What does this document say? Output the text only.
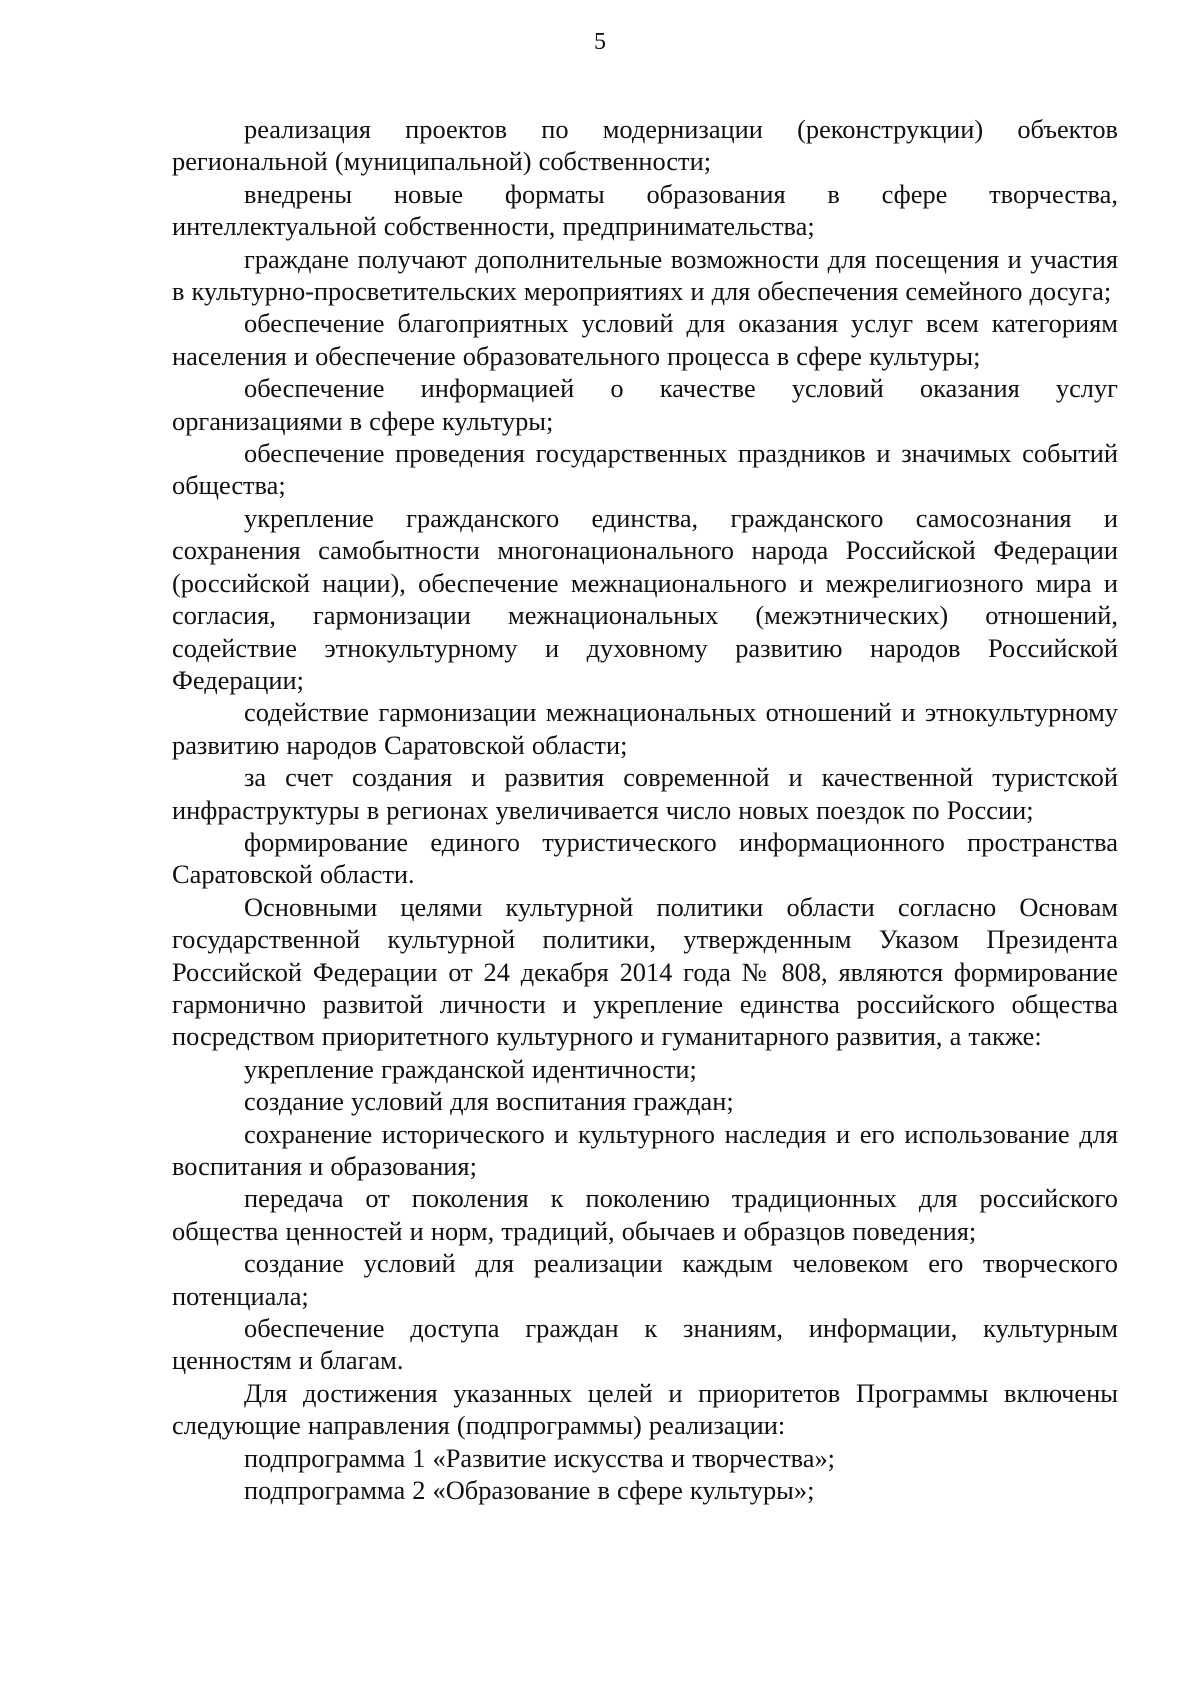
5

реализация проектов по модернизации (реконструкции) объектов региональной (муниципальной) собственности;

внедрены новые форматы образования в сфере творчества, интеллектуальной собственности, предпринимательства;

граждане получают дополнительные возможности для посещения и участия в культурно-просветительских мероприятиях и для обеспечения семейного досуга;

обеспечение благоприятных условий для оказания услуг всем категориям населения и обеспечение образовательного процесса в сфере культуры;

обеспечение информацией о качестве условий оказания услуг организациями в сфере культуры;

обеспечение проведения государственных праздников и значимых событий общества;

укрепление гражданского единства, гражданского самосознания и сохранения самобытности многонационального народа Российской Федерации (российской нации), обеспечение межнационального и межрелигиозного мира и согласия, гармонизации межнациональных (межэтнических) отношений, содействие этнокультурному и духовному развитию народов Российской Федерации;

содействие гармонизации межнациональных отношений и этнокультурному развитию народов Саратовской области;

за счет создания и развития современной и качественной туристской инфраструктуры в регионах увеличивается число новых поездок по России;

формирование единого туристического информационного пространства Саратовской области.

Основными целями культурной политики области согласно Основам государственной культурной политики, утвержденным Указом Президента Российской Федерации от 24 декабря 2014 года № 808, являются формирование гармонично развитой личности и укрепление единства российского общества посредством приоритетного культурного и гуманитарного развития, а также:

укрепление гражданской идентичности;

создание условий для воспитания граждан;

сохранение исторического и культурного наследия и его использование для воспитания и образования;

передача от поколения к поколению традиционных для российского общества ценностей и норм, традиций, обычаев и образцов поведения;

создание условий для реализации каждым человеком его творческого потенциала;

обеспечение доступа граждан к знаниям, информации, культурным ценностям и благам.

Для достижения указанных целей и приоритетов Программы включены следующие направления (подпрограммы) реализации:

подпрограмма 1 «Развитие искусства и творчества»;

подпрограмма 2 «Образование в сфере культуры»;
